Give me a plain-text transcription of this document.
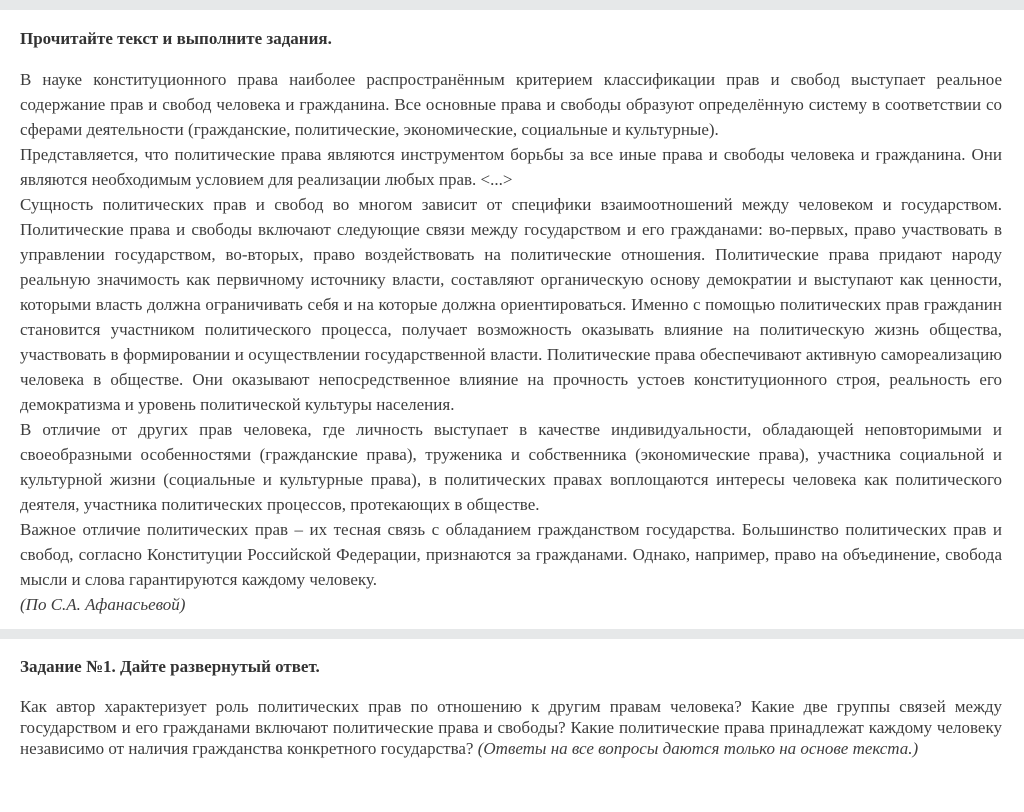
Прочитайте текст и выполните задания.

В науке конституционного права наиболее распространённым критерием классификации прав и свобод выступает реальное содержание прав и свобод человека и гражданина. Все основные права и свободы образуют определённую систему в соответствии со сферами деятельности (гражданские, политические, экономические, социальные и культурные).

Представляется, что политические права являются инструментом борьбы за все иные права и свободы человека и гражданина. Они являются необходимым условием для реализации любых прав. <...>

Сущность политических прав и свобод во многом зависит от специфики взаимоотношений между человеком и государством. Политические права и свободы включают следующие связи между государством и его гражданами: во-первых, право участвовать в управлении государством, во-вторых, право воздействовать на политические отношения. Политические права придают народу реальную значимость как первичному источнику власти, составляют органическую основу демократии и выступают как ценности, которыми власть должна ограничивать себя и на которые должна ориентироваться. Именно с помощью политических прав гражданин становится участником политического процесса, получает возможность оказывать влияние на политическую жизнь общества, участвовать в формировании и осуществлении государственной власти. Политические права обеспечивают активную самореализацию человека в обществе. Они оказывают непосредственное влияние на прочность устоев конституционного строя, реальность его демократизма и уровень политической культуры населения.

В отличие от других прав человека, где личность выступает в качестве индивидуальности, обладающей неповторимыми и своеобразными особенностями (гражданские права), труженика и собственника (экономические права), участника социальной и культурной жизни (социальные и культурные права), в политических правах воплощаются интересы человека как политического деятеля, участника политических процессов, протекающих в обществе.

Важное отличие политических прав – их тесная связь с обладанием гражданством государства. Большинство политических прав и свобод, согласно Конституции Российской Федерации, признаются за гражданами. Однако, например, право на объединение, свобода мысли и слова гарантируются каждому человеку.

(По С.А. Афанасьевой)

Задание №1. Дайте развернутый ответ.

Как автор характеризует роль политических прав по отношению к другим правам человека? Какие две группы связей между государством и его гражданами включают политические права и свободы? Какие политические права принадлежат каждому человеку независимо от наличия гражданства конкретного государства? (Ответы на все вопросы даются только на основе текста.)
